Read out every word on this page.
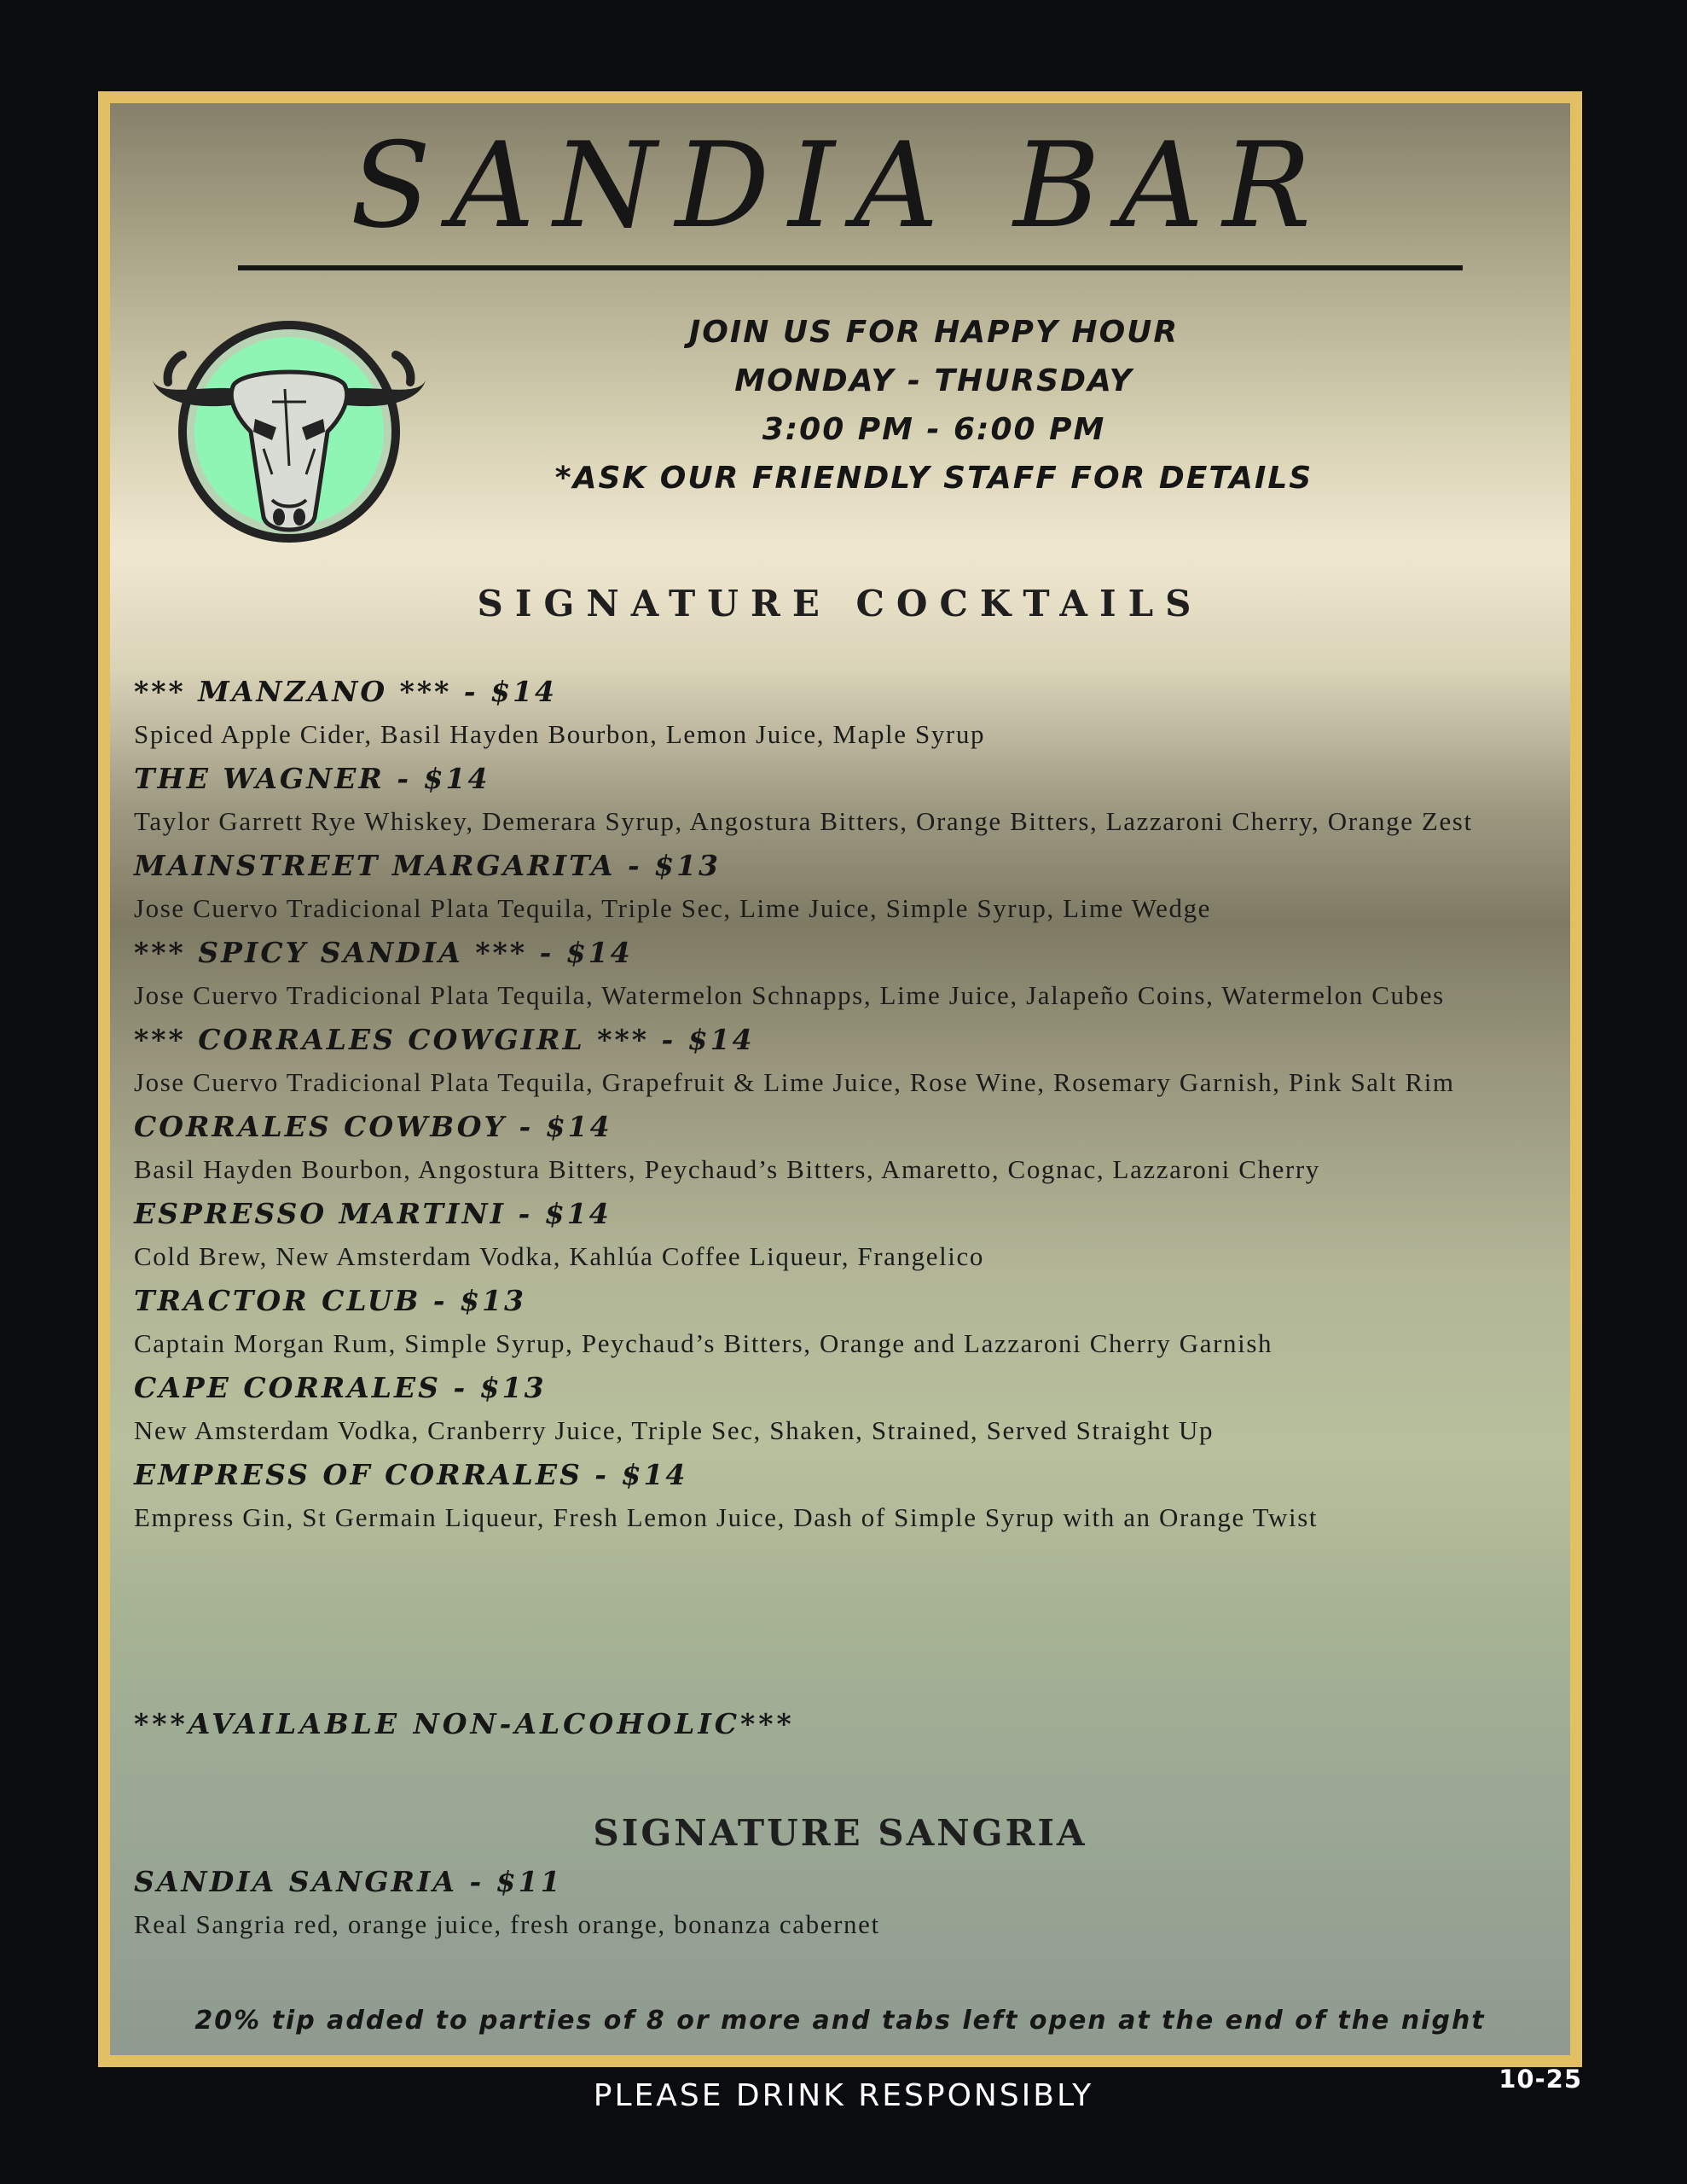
SANDIA BAR
JOIN US FOR HAPPY HOUR
MONDAY - THURSDAY
3:00 PM - 6:00 PM
*ASK OUR FRIENDLY STAFF FOR DETAILS
SIGNATURE COCKTAILS
*** MANZANO *** - $14
Spiced Apple Cider, Basil Hayden Bourbon, Lemon Juice, Maple Syrup
THE WAGNER - $14
Taylor Garrett Rye Whiskey, Demerara Syrup, Angostura Bitters, Orange Bitters, Lazzaroni Cherry, Orange Zest
MAINSTREET MARGARITA - $13
Jose Cuervo Tradicional Plata Tequila, Triple Sec, Lime Juice, Simple Syrup, Lime Wedge
*** SPICY SANDIA *** - $14
Jose Cuervo Tradicional Plata Tequila, Watermelon Schnapps, Lime Juice, Jalapeño Coins, Watermelon Cubes
*** CORRALES COWGIRL *** - $14
Jose Cuervo Tradicional Plata Tequila, Grapefruit & Lime Juice, Rose Wine, Rosemary Garnish, Pink Salt Rim
CORRALES COWBOY - $14
Basil Hayden Bourbon, Angostura Bitters, Peychaud’s Bitters, Amaretto, Cognac, Lazzaroni Cherry
ESPRESSO MARTINI - $14
Cold Brew, New Amsterdam Vodka, Kahlúa Coffee Liqueur, Frangelico
TRACTOR CLUB - $13
Captain Morgan Rum, Simple Syrup, Peychaud’s Bitters, Orange and Lazzaroni Cherry Garnish
CAPE CORRALES - $13
New Amsterdam Vodka, Cranberry Juice, Triple Sec, Shaken, Strained, Served Straight Up
EMPRESS OF CORRALES - $14
Empress Gin, St Germain Liqueur, Fresh Lemon Juice, Dash of Simple Syrup with an Orange Twist
***AVAILABLE NON-ALCOHOLIC***
SIGNATURE SANGRIA
SANDIA SANGRIA - $11
Real Sangria red, orange juice, fresh orange, bonanza cabernet
20% tip added to parties of 8 or more and tabs left open at the end of the night
10-25
PLEASE DRINK RESPONSIBLY
